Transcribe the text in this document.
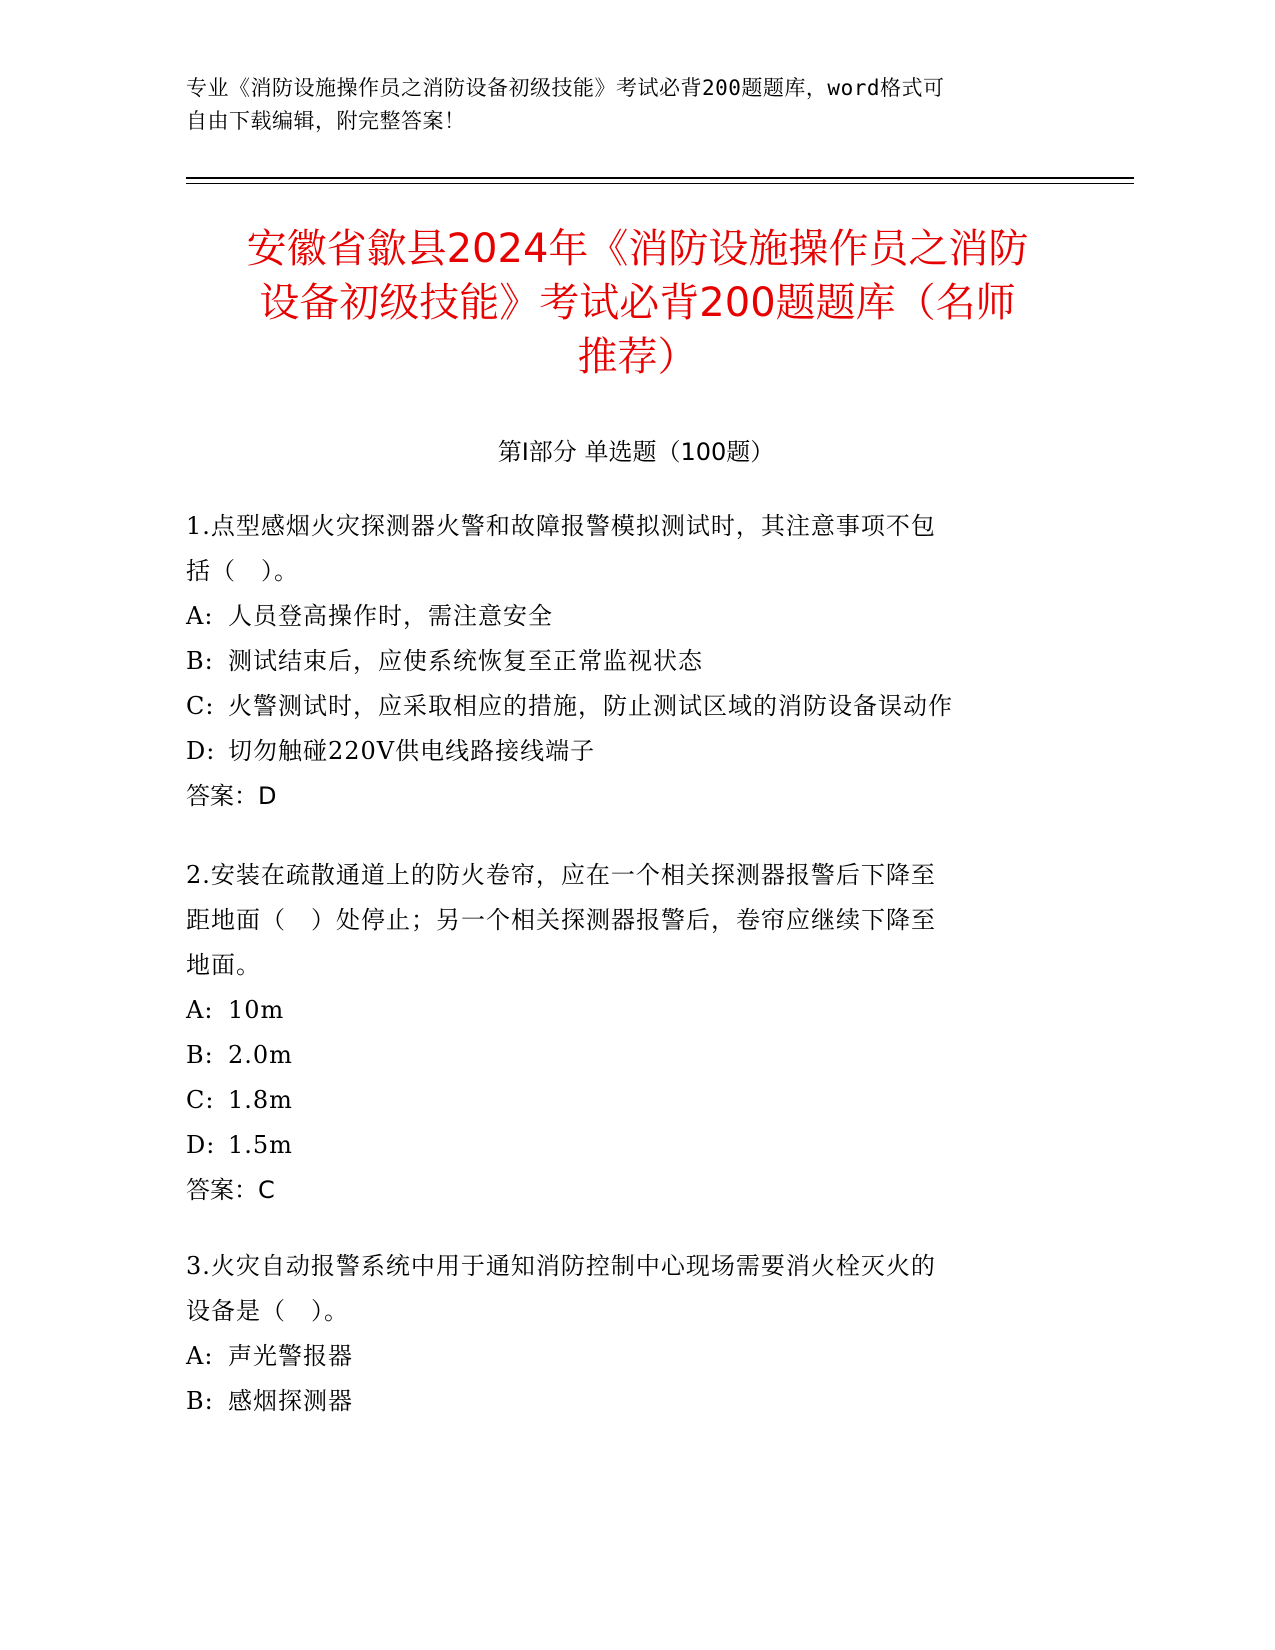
专业《消防设施操作员之消防设备初级技能》考试必背200题题库，word格式可
自由下载编辑，附完整答案！
安徽省歙县2024年《消防设施操作员之消防
设备初级技能》考试必背200题题库（名师
推荐）
第I部分 单选题（100题）
1.点型感烟火灾探测器火警和故障报警模拟测试时，其注意事项不包
括（　）。
A: 人员登高操作时，需注意安全
B: 测试结束后，应使系统恢复至正常监视状态
C: 火警测试时，应采取相应的措施，防止测试区域的消防设备误动作
D: 切勿触碰220V供电线路接线端子
答案：D
2.安装在疏散通道上的防火卷帘，应在一个相关探测器报警后下降至
距地面（　）处停止；另一个相关探测器报警后，卷帘应继续下降至
地面。
A: 10m
B: 2.0m
C: 1.8m
D: 1.5m
答案：C
3.火灾自动报警系统中用于通知消防控制中心现场需要消火栓灭火的
设备是（　）。
A: 声光警报器
B: 感烟探测器
